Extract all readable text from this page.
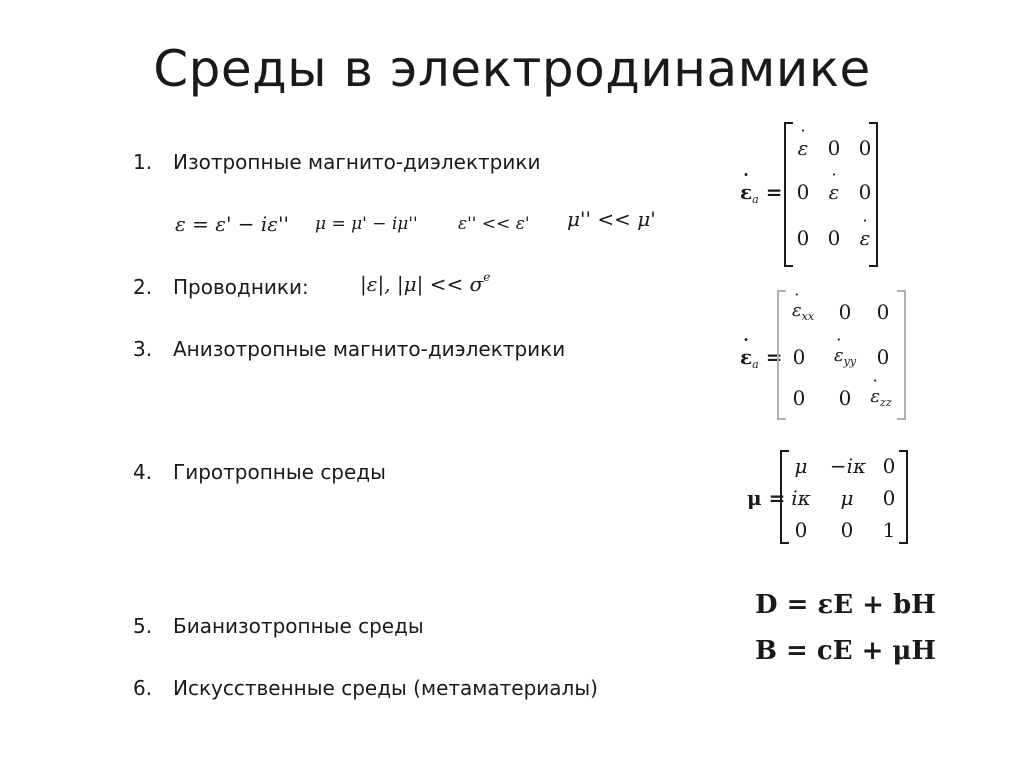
Среды в электродинамике
1. Изотропные магнито-диэлектрики
2. Проводники:
3. Анизотропные магнито-диэлектрики
4. Гиротропные среды
5. Бианизотропные среды
6. Искусственные среды (метаматериалы)
ε = ε' − iε'' μ = μ' − iμ'' ε'' << ε' μ'' << μ'
|ε|, $|\mu| << \sigma^e$
· $\varepsilon_a$ =
· ε 0 0
0 · ε 0
0 0 · ε
· $\varepsilon_a$ =
· $\varepsilon_{xx}$	0	0
0	· $\varepsilon_{yy}$	0
0	0	· $\varepsilon_{zz}$
μ =
μ	−iκ 0
iκ	μ	0
0	0	1
D = εE + bH
B = cE + μH
